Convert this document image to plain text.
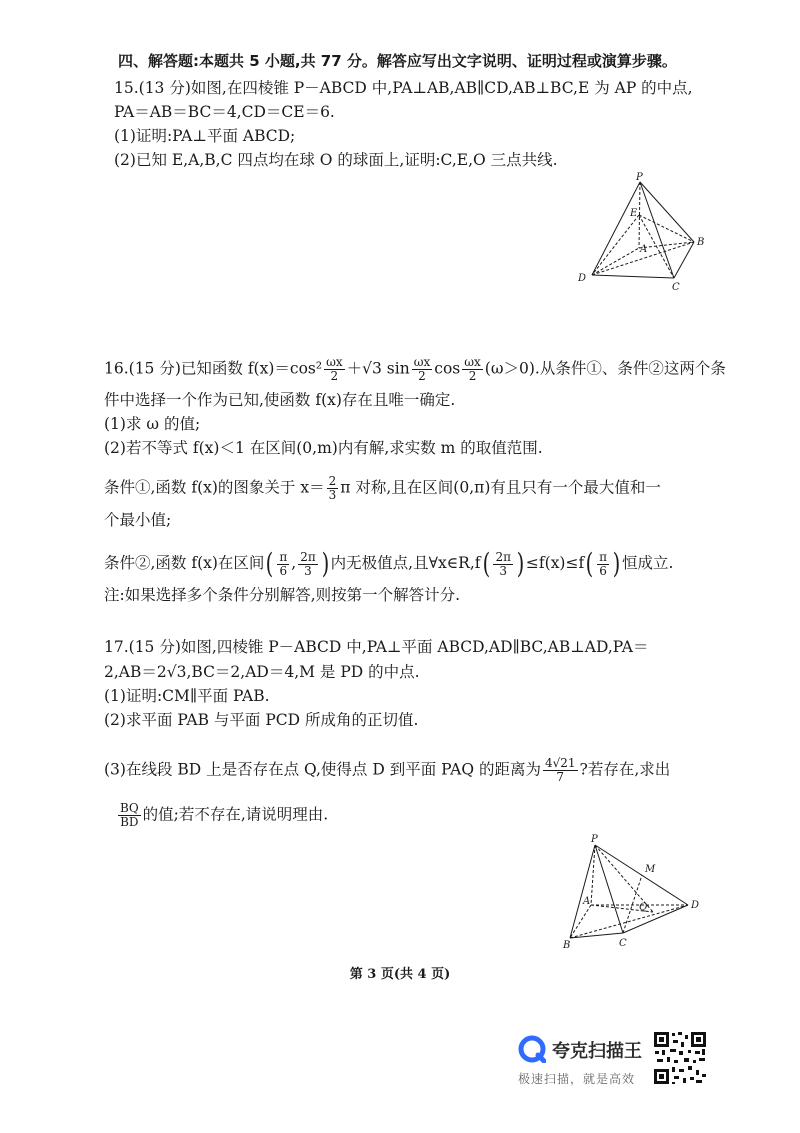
四、解答题:本题共 5 小题,共 77 分。解答应写出文字说明、证明过程或演算步骤。
15.(13 分)如图,在四棱锥 P－ABCD 中,PA⊥AB,AB∥CD,AB⊥BC,E 为 AP 的中点,
PA＝AB＝BC＝4,CD＝CE＝6.
(1)证明:PA⊥平面 ABCD;
(2)已知 E,A,B,C 四点均在球 O 的球面上,证明:C,E,O 三点共线.
P
E
A
B
D
C
16.(15 分)已知函数 $f(x)=\cos^2 \frac{\omega x}{2} +√3$ $\sin \frac{\omega x}{2}$ $\cos \frac{\omega x}{2} (\omega>0)$.从条件①、条件②这两个条
件中选择一个作为已知,使函数 f(x)存在且唯一确定.
(1)求 ω 的值;
(2)若不等式 f(x)＜1 在区间(0,m)内有解,求实数 m 的取值范围.
条件①,函数 f(x)的图象关于 $x= \frac{2}{3}$ π 对称,且在区间(0,π)有且只有一个最大值和一
个最小值;
条件②,函数 f(x)在区间( $\frac{\pi}{6}$ , $\frac{2\pi}{3}$ ) 内无极值点,且∀x∈R,f( $\frac{2\pi}{3}$ ) $\le f(x)\le f( \frac{\pi}{6}$ ) 恒成立.
注:如果选择多个条件分别解答,则按第一个解答计分.
17.(15 分)如图,四棱锥 P－ABCD 中,PA⊥平面 ABCD,AD∥BC,AB⊥AD,PA＝
2,AB＝2√3,BC＝2,AD＝4,M 是 PD 的中点.
(1)证明:CM∥平面 PAB.
(2)求平面 PAB 与平面 PCD 所成角的正切值.
(3)在线段 BD 上是否存在点 Q,使得点 D 到平面 PAQ 的距离为 $\frac{4√21}{7}$ ?若存在,求出
$\frac{BQ}{BD}$ 的值;若不存在,请说明理由.
P
M
A	D
B	C
Q
第 3 页(共 4 页)
夸克扫描王
极速扫描，就是高效
